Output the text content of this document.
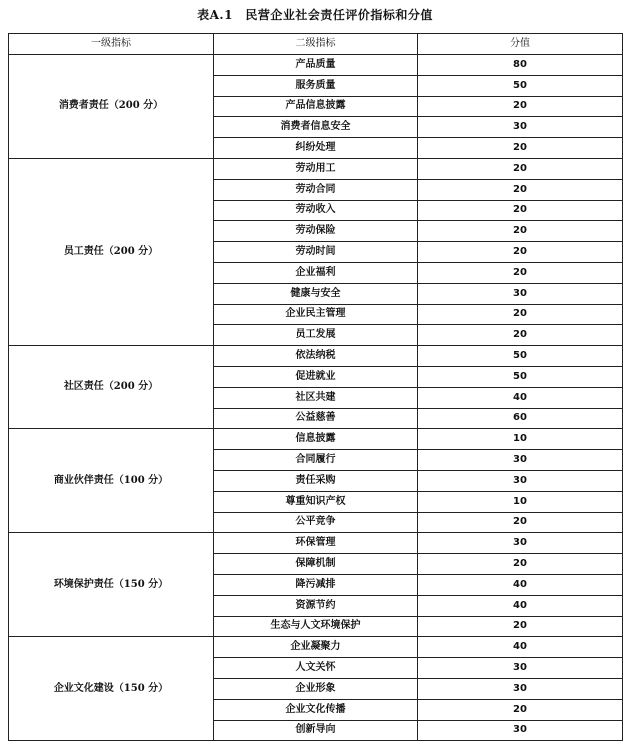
表A.1　民营企业社会责任评价指标和分值
一级指标	二级指标	分值
消费者责任（200 分）	产品质量	80
	服务质量	50
	产品信息披露	20
	消费者信息安全	30
	纠纷处理	20
员工责任（200 分）	劳动用工	20
	劳动合同	20
	劳动收入	20
	劳动保险	20
	劳动时间	20
	企业福利	20
	健康与安全	30
	企业民主管理	20
	员工发展	20
社区责任（200 分）	依法纳税	50
	促进就业	50
	社区共建	40
	公益慈善	60
商业伙伴责任（100 分）	信息披露	10
	合同履行	30
	责任采购	30
	尊重知识产权	10
	公平竞争	20
环境保护责任（150 分）	环保管理	30
	保障机制	20
	降污减排	40
	资源节约	40
	生态与人文环境保护	20
企业文化建设（150 分）	企业凝聚力	40
	人文关怀	30
	企业形象	30
	企业文化传播	20
	创新导向	30
